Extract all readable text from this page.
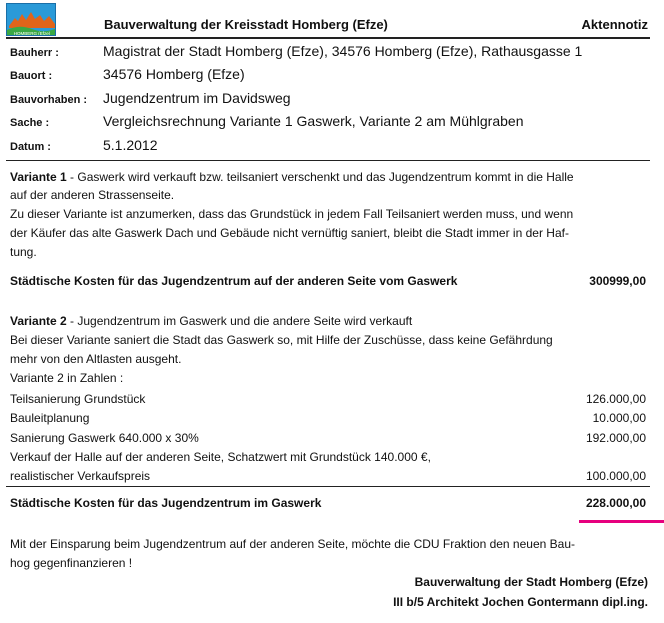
HOMBERG (Efze)
Bauverwaltung der Kreisstadt Homberg (Efze)	Aktennotiz
Bauherr :	Magistrat der Stadt Homberg (Efze), 34576 Homberg (Efze), Rathausgasse 1
Bauort :	34576 Homberg (Efze)
Bauvorhaben : Jugendzentrum im Davidsweg
Sache :	Vergleichsrechnung Variante 1 Gaswerk, Variante 2 am Mühlgraben
Datum :	5.1.2012
Variante 1 - Gaswerk wird verkauft bzw. teilsaniert verschenkt und das Jugendzentrum kommt in die Halle
auf der anderen Strassenseite.
Zu dieser Variante ist anzumerken, dass das Grundstück in jedem Fall Teilsaniert werden muss, und wenn
der Käufer das alte Gaswerk Dach und Gebäude nicht vernüftig saniert, bleibt die Stadt immer in der Haf-
tung.
Städtische Kosten für das Jugendzentrum auf der anderen Seite vom Gaswerk	300999,00
Variante 2 - Jugendzentrum im Gaswerk und die andere Seite wird verkauft
Bei dieser Variante saniert die Stadt das Gaswerk so, mit Hilfe der Zuschüsse, dass keine Gefährdung
mehr von den Altlasten ausgeht.
Variante 2 in Zahlen :
Teilsanierung Grundstück	126.000,00
Bauleitplanung	10.000,00
Sanierung Gaswerk 640.000 x 30%	192.000,00
Verkauf der Halle auf der anderen Seite, Schatzwert mit Grundstück 140.000 €,
realistischer Verkaufspreis	100.000,00
Städtische Kosten für das Jugendzentrum im Gaswerk	228.000,00
Mit der Einsparung beim Jugendzentrum auf der anderen Seite, möchte die CDU Fraktion den neuen Bau-
hog gegenfinanzieren !
Bauverwaltung der Stadt Homberg (Efze)
III b/5 Architekt Jochen Gontermann dipl.ing.
